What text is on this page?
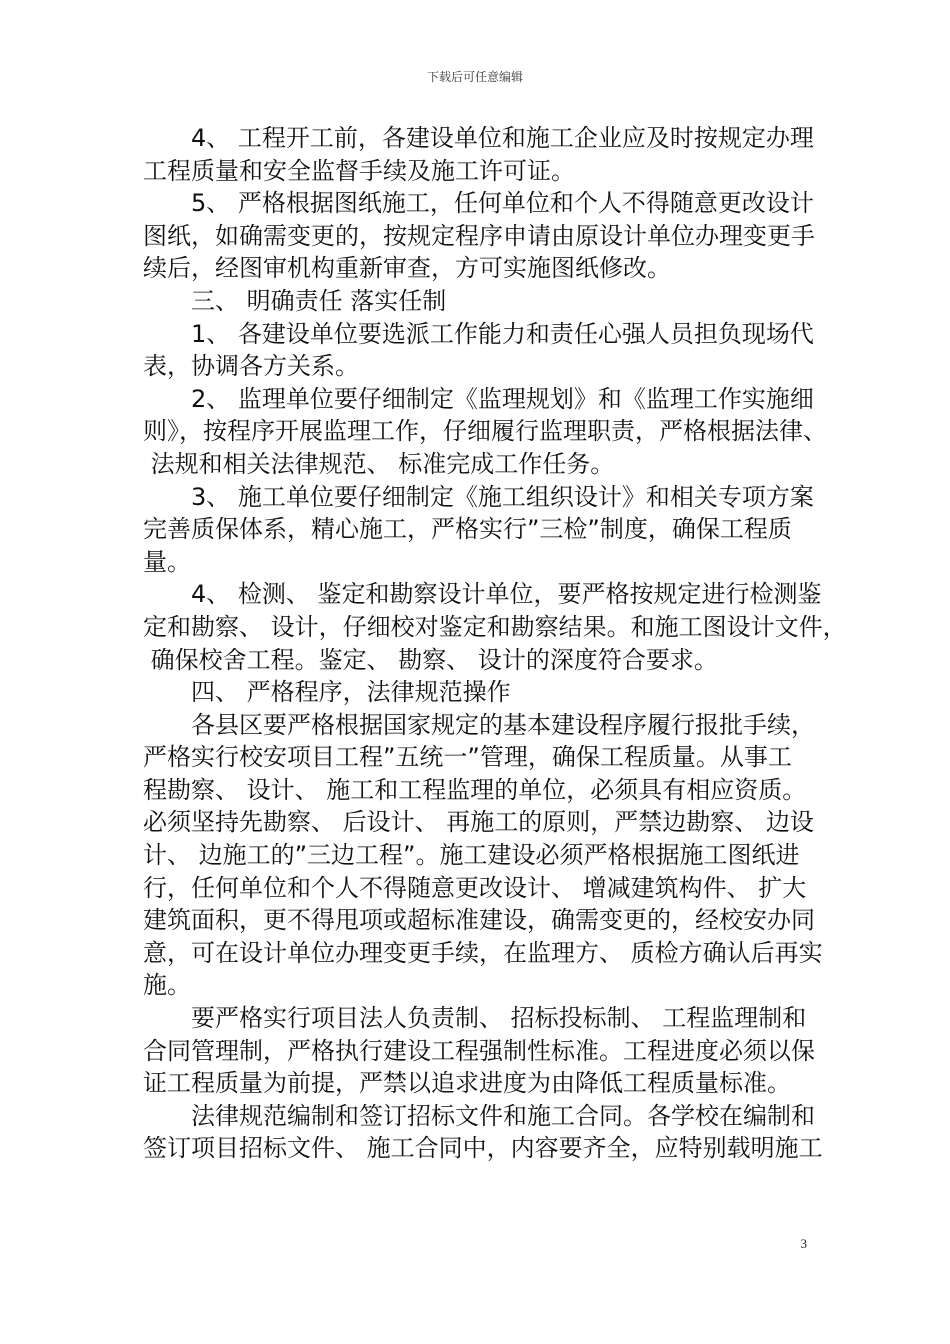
下载后可任意编辑
4、 工程开工前，各建设单位和施工企业应及时按规定办理
工程质量和安全监督手续及施工许可证。
5、 严格根据图纸施工，任何单位和个人不得随意更改设计
图纸，如确需变更的，按规定程序申请由原设计单位办理变更手
续后，经图审机构重新审查，方可实施图纸修改。
三、 明确责任 落实任制
1、 各建设单位要选派工作能力和责任心强人员担负现场代
表，协调各方关系。
2、 监理单位要仔细制定《监理规划》和《监理工作实施细
则》，按程序开展监理工作，仔细履行监理职责，严格根据法律、
法规和相关法律规范、 标准完成工作任务。
3、 施工单位要仔细制定《施工组织设计》和相关专项方案
完善质保体系，精心施工，严格实行”三检”制度，确保工程质
量。
4、 检测、 鉴定和勘察设计单位，要严格按规定进行检测鉴
定和勘察、 设计，仔细校对鉴定和勘察结果。和施工图设计文件，
确保校舍工程。鉴定、 勘察、 设计的深度符合要求。
四、 严格程序，法律规范操作
各县区要严格根据国家规定的基本建设程序履行报批手续，
严格实行校安项目工程”五统一”管理，确保工程质量。从事工
程勘察、 设计、 施工和工程监理的单位，必须具有相应资质。
必须坚持先勘察、 后设计、 再施工的原则，严禁边勘察、 边设
计、 边施工的”三边工程”。施工建设必须严格根据施工图纸进
行，任何单位和个人不得随意更改设计、 增减建筑构件、 扩大
建筑面积，更不得甩项或超标准建设，确需变更的，经校安办同
意，可在设计单位办理变更手续，在监理方、 质检方确认后再实
施。
要严格实行项目法人负责制、 招标投标制、 工程监理制和
合同管理制，严格执行建设工程强制性标准。工程进度必须以保
证工程质量为前提，严禁以追求进度为由降低工程质量标准。
法律规范编制和签订招标文件和施工合同。各学校在编制和
签订项目招标文件、 施工合同中，内容要齐全，应特别载明施工
3
